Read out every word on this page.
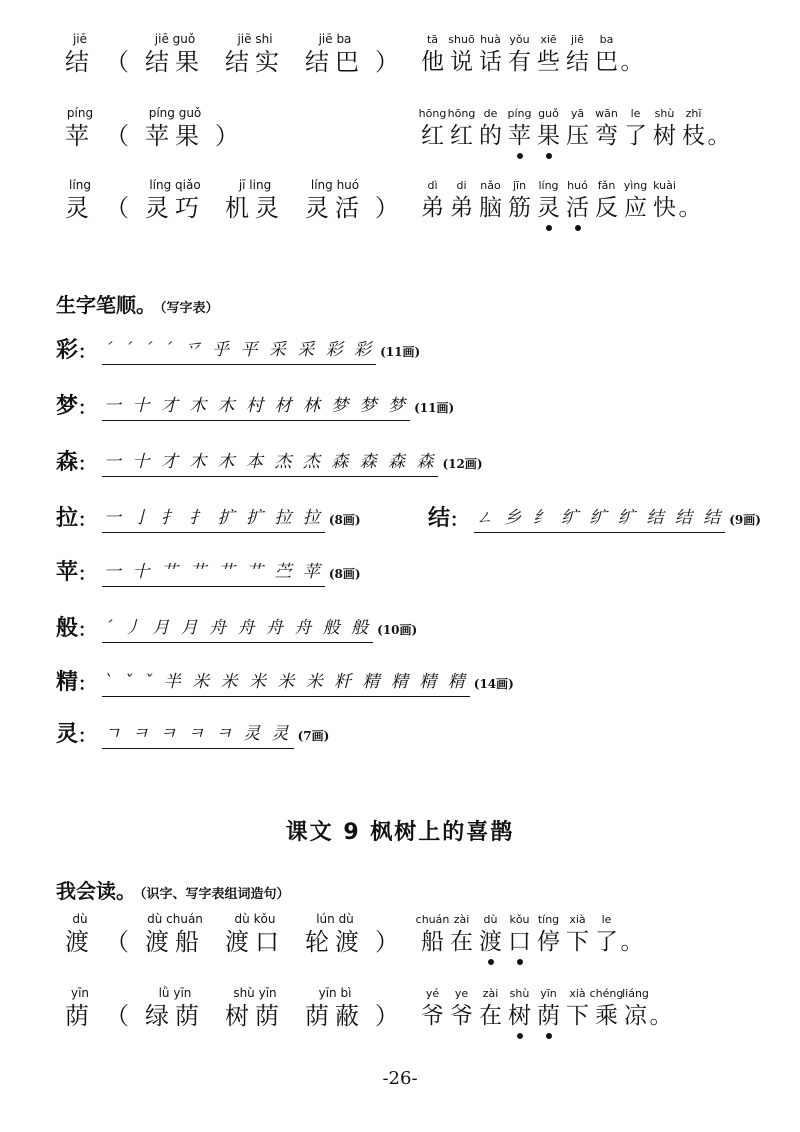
jiē
结 （
jiē guǒ
结果
jiē shi
结实
jiē ba
结巴 ）
tā
他
shuō
说
huà
话
yǒu
有
xiē
些
jiē
结
ba
巴 。
píng
苹 （
píng guǒ
苹果 ）
hōng
红
hōng
红
de
的
píng
苹
guǒ
果
yā
压
wān
弯
le
了
shù
树
zhī
枝 。
líng
灵 （
líng qiǎo
灵巧
jī ling
机灵
líng huó
灵活 ）
dì
弟
di
弟
nǎo
脑
jīn
筋
líng
灵
huó
活
fǎn
反
yìng
应
kuài
快 。
生字笔顺。 （写字表）
彩 ： ˊ ˊ ˊ ˊ 乊 乎 平 采 采 彩 彩 (11画)
梦 ： 一 十 才 木 木 村 材 林 梦 梦 梦 (11画)
森 ： 一 十 才 木 木 本 杰 杰 森 森 森 森 (12画)
拉 ： 一 亅 扌 扌 扩 扩 拉 拉 (8画)	结 ： ㄥ 乡 纟 纩 纩 纩 结 结 结 (9画)
苹 ： 一 十 艹 艹 艹 艹 苎 苹 (8画)
般 ： ˊ 丿 月 月 舟 舟 舟 舟 般 般 (10画)
精 ： ˋ ˇ ˇ 半 米 米 米 米 米 粁 精 精 精 精 (14画)
灵 ： ㄱ ㅋ ㅋ ㅋ ㅋ 灵 灵 (7画)
课文 9 枫树上的喜鹊
我会读。 （识字、写字表组词造句）
dù
渡 （
dù chuán
渡船
dù kǒu
渡口
lún dù
轮渡 ）
chuán
船
zài
在
dù
渡
kǒu
口
tíng
停
xià
下
le
了 。
yīn
荫 （
lǜ yīn
绿荫
shù yīn
树荫
yīn bì
荫蔽 ）
yé
爷
ye
爷
zài
在
shù
树
yīn
荫
xià
下
chéng
乘
liáng
凉 。
-26-
